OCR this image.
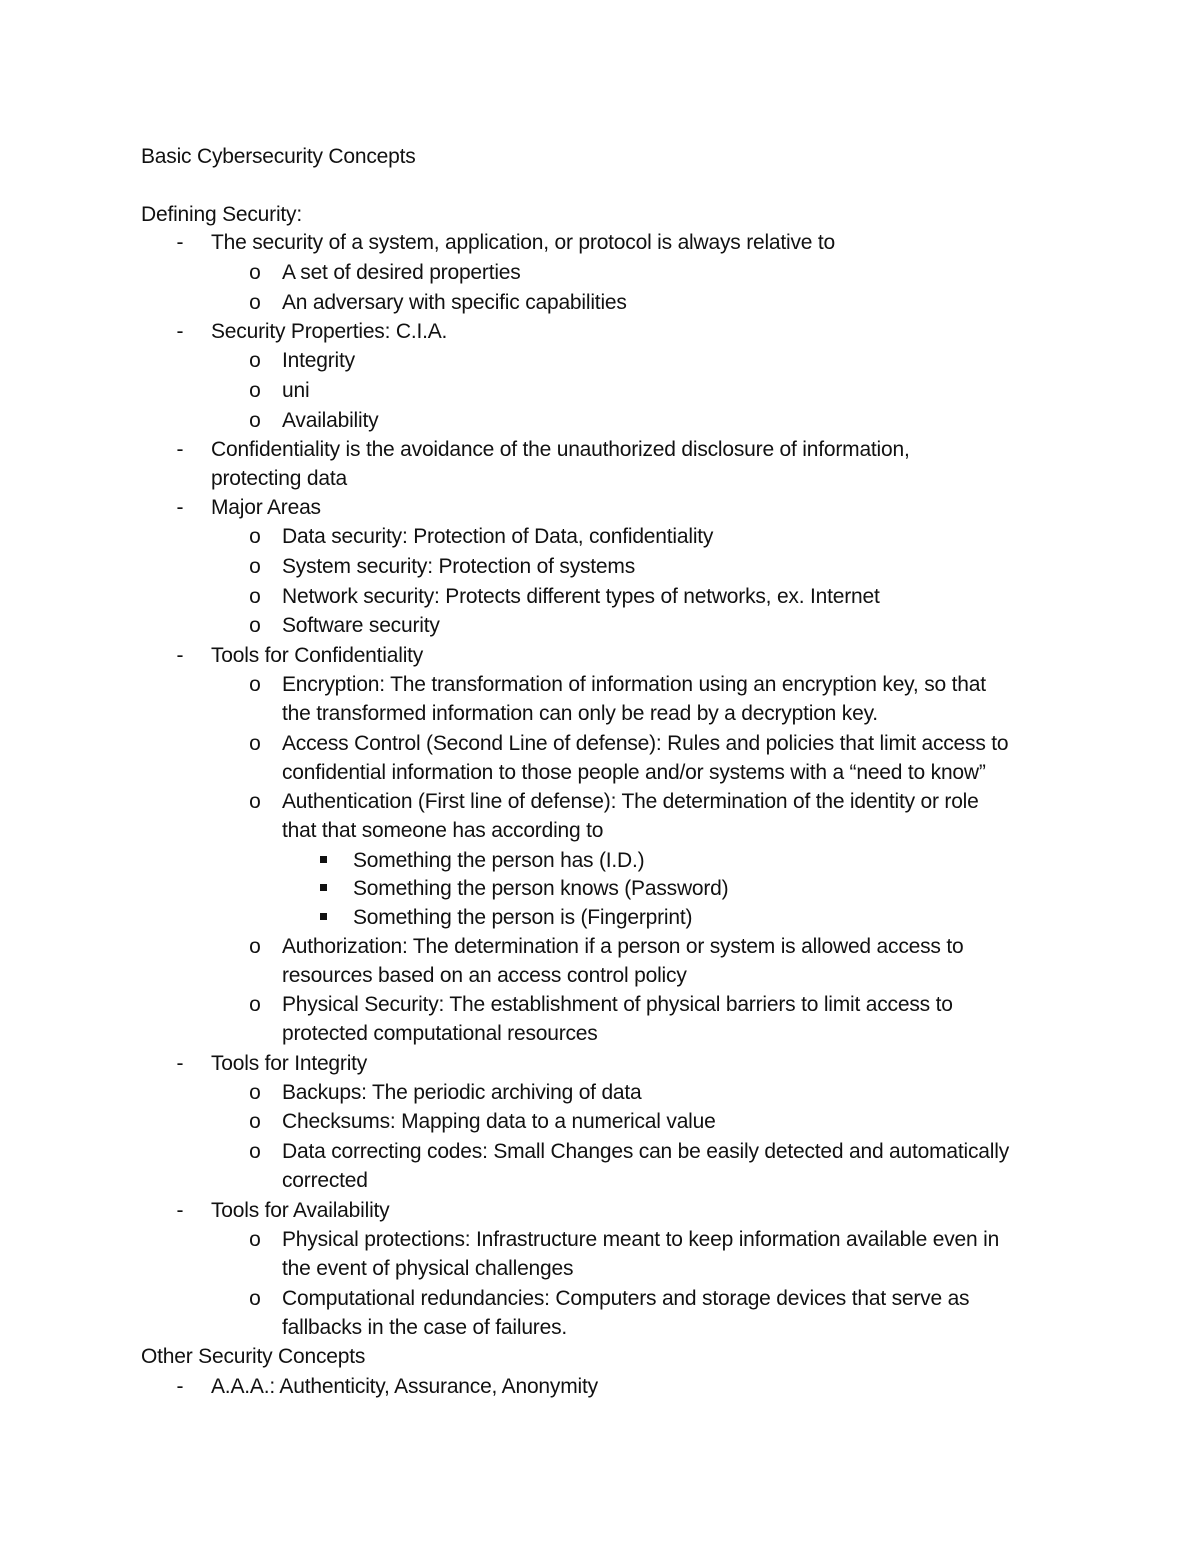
Basic Cybersecurity Concepts
Defining Security:
-	The security of a system, application, or protocol is always relative to
o A set of desired properties
o An adversary with specific capabilities
-	Security Properties: C.I.A.
o Integrity
o uni
o Availability
-	Confidentiality is the avoidance of the unauthorized disclosure of information,
protecting data
-	Major Areas
o Data security: Protection of Data, confidentiality
o System security: Protection of systems
o Network security: Protects different types of networks, ex. Internet
o Software security
-	Tools for Confidentiality
o Encryption: The transformation of information using an encryption key, so that
the transformed information can only be read by a decryption key.
o Access Control (Second Line of defense): Rules and policies that limit access to
confidential information to those people and/or systems with a “need to know”
o Authentication (First line of defense): The determination of the identity or role
that that someone has according to
Something the person has (I.D.)
Something the person knows (Password)
Something the person is (Fingerprint)
o Authorization: The determination if a person or system is allowed access to
resources based on an access control policy
o Physical Security: The establishment of physical barriers to limit access to
protected computational resources
-	Tools for Integrity
o Backups: The periodic archiving of data
o Checksums: Mapping data to a numerical value
o Data correcting codes: Small Changes can be easily detected and automatically
corrected
-	Tools for Availability
o Physical protections: Infrastructure meant to keep information available even in
the event of physical challenges
o Computational redundancies: Computers and storage devices that serve as
fallbacks in the case of failures.
Other Security Concepts
-	A.A.A.: Authenticity, Assurance, Anonymity
